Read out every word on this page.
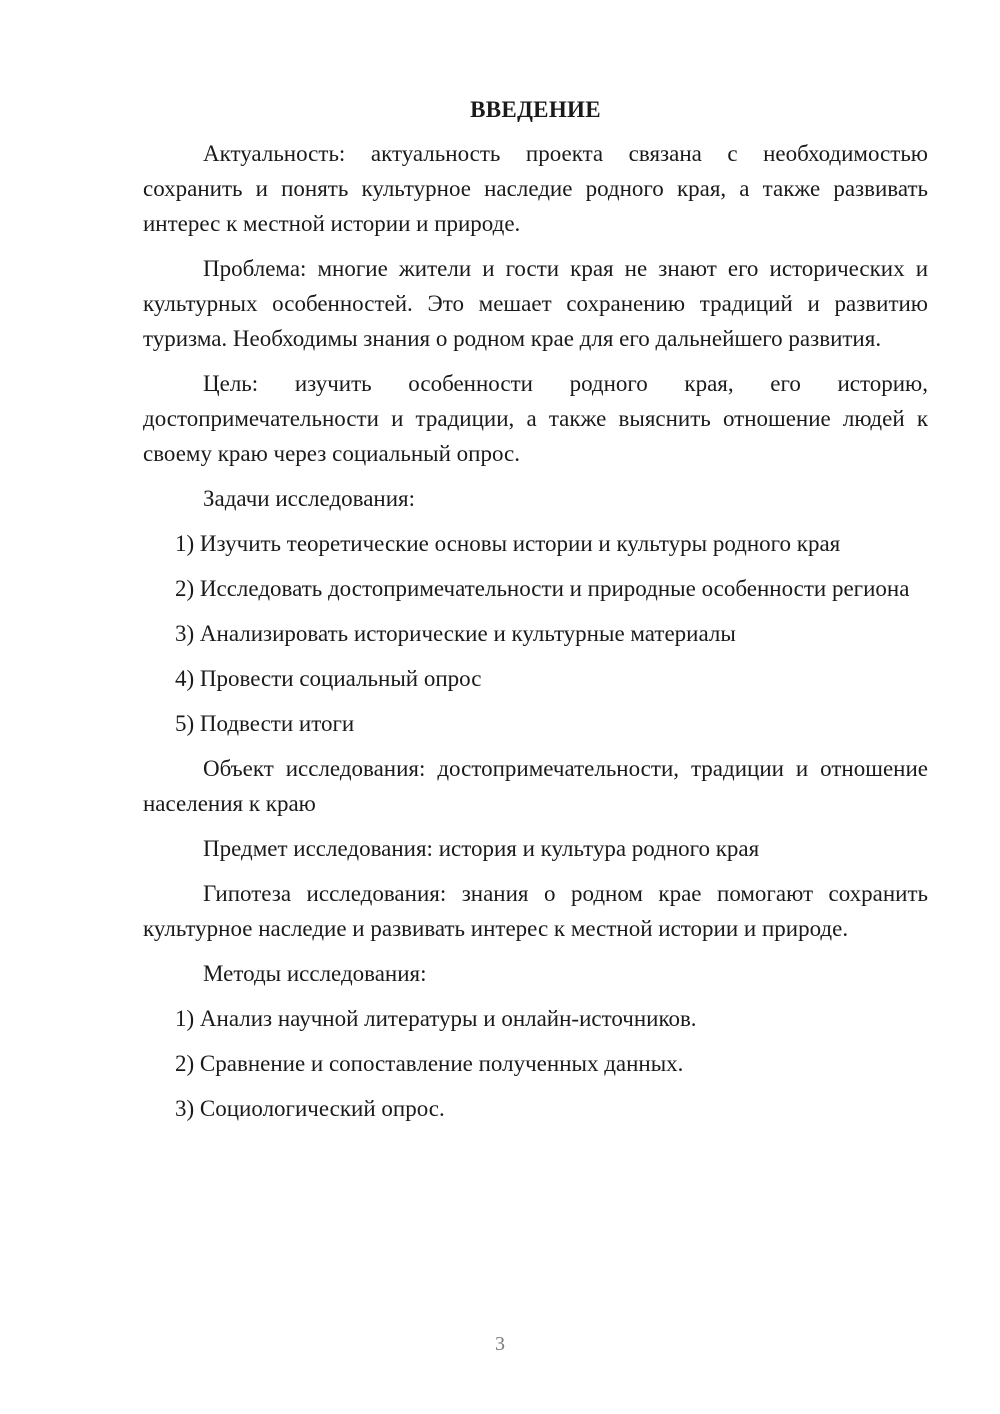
ВВЕДЕНИЕ

Актуальность: актуальность проекта связана с необходимостью сохранить и понять культурное наследие родного края, а также развивать интерес к местной истории и природе.

Проблема: многие жители и гости края не знают его исторических и культурных особенностей. Это мешает сохранению традиций и развитию туризма. Необходимы знания о родном крае для его дальнейшего развития.

Цель: изучить особенности родного края, его историю, достопримечательности и традиции, а также выяснить отношение людей к своему краю через социальный опрос.

Задачи исследования:

1) Изучить теоретические основы истории и культуры родного края

2) Исследовать достопримечательности и природные особенности региона

3) Анализировать исторические и культурные материалы

4) Провести социальный опрос

5) Подвести итоги

Объект исследования: достопримечательности, традиции и отношение населения к краю

Предмет исследования: история и культура родного края

Гипотеза исследования: знания о родном крае помогают сохранить культурное наследие и развивать интерес к местной истории и природе.

Методы исследования:

1) Анализ научной литературы и онлайн-источников.

2) Сравнение и сопоставление полученных данных.

3) Социологический опрос.

3
